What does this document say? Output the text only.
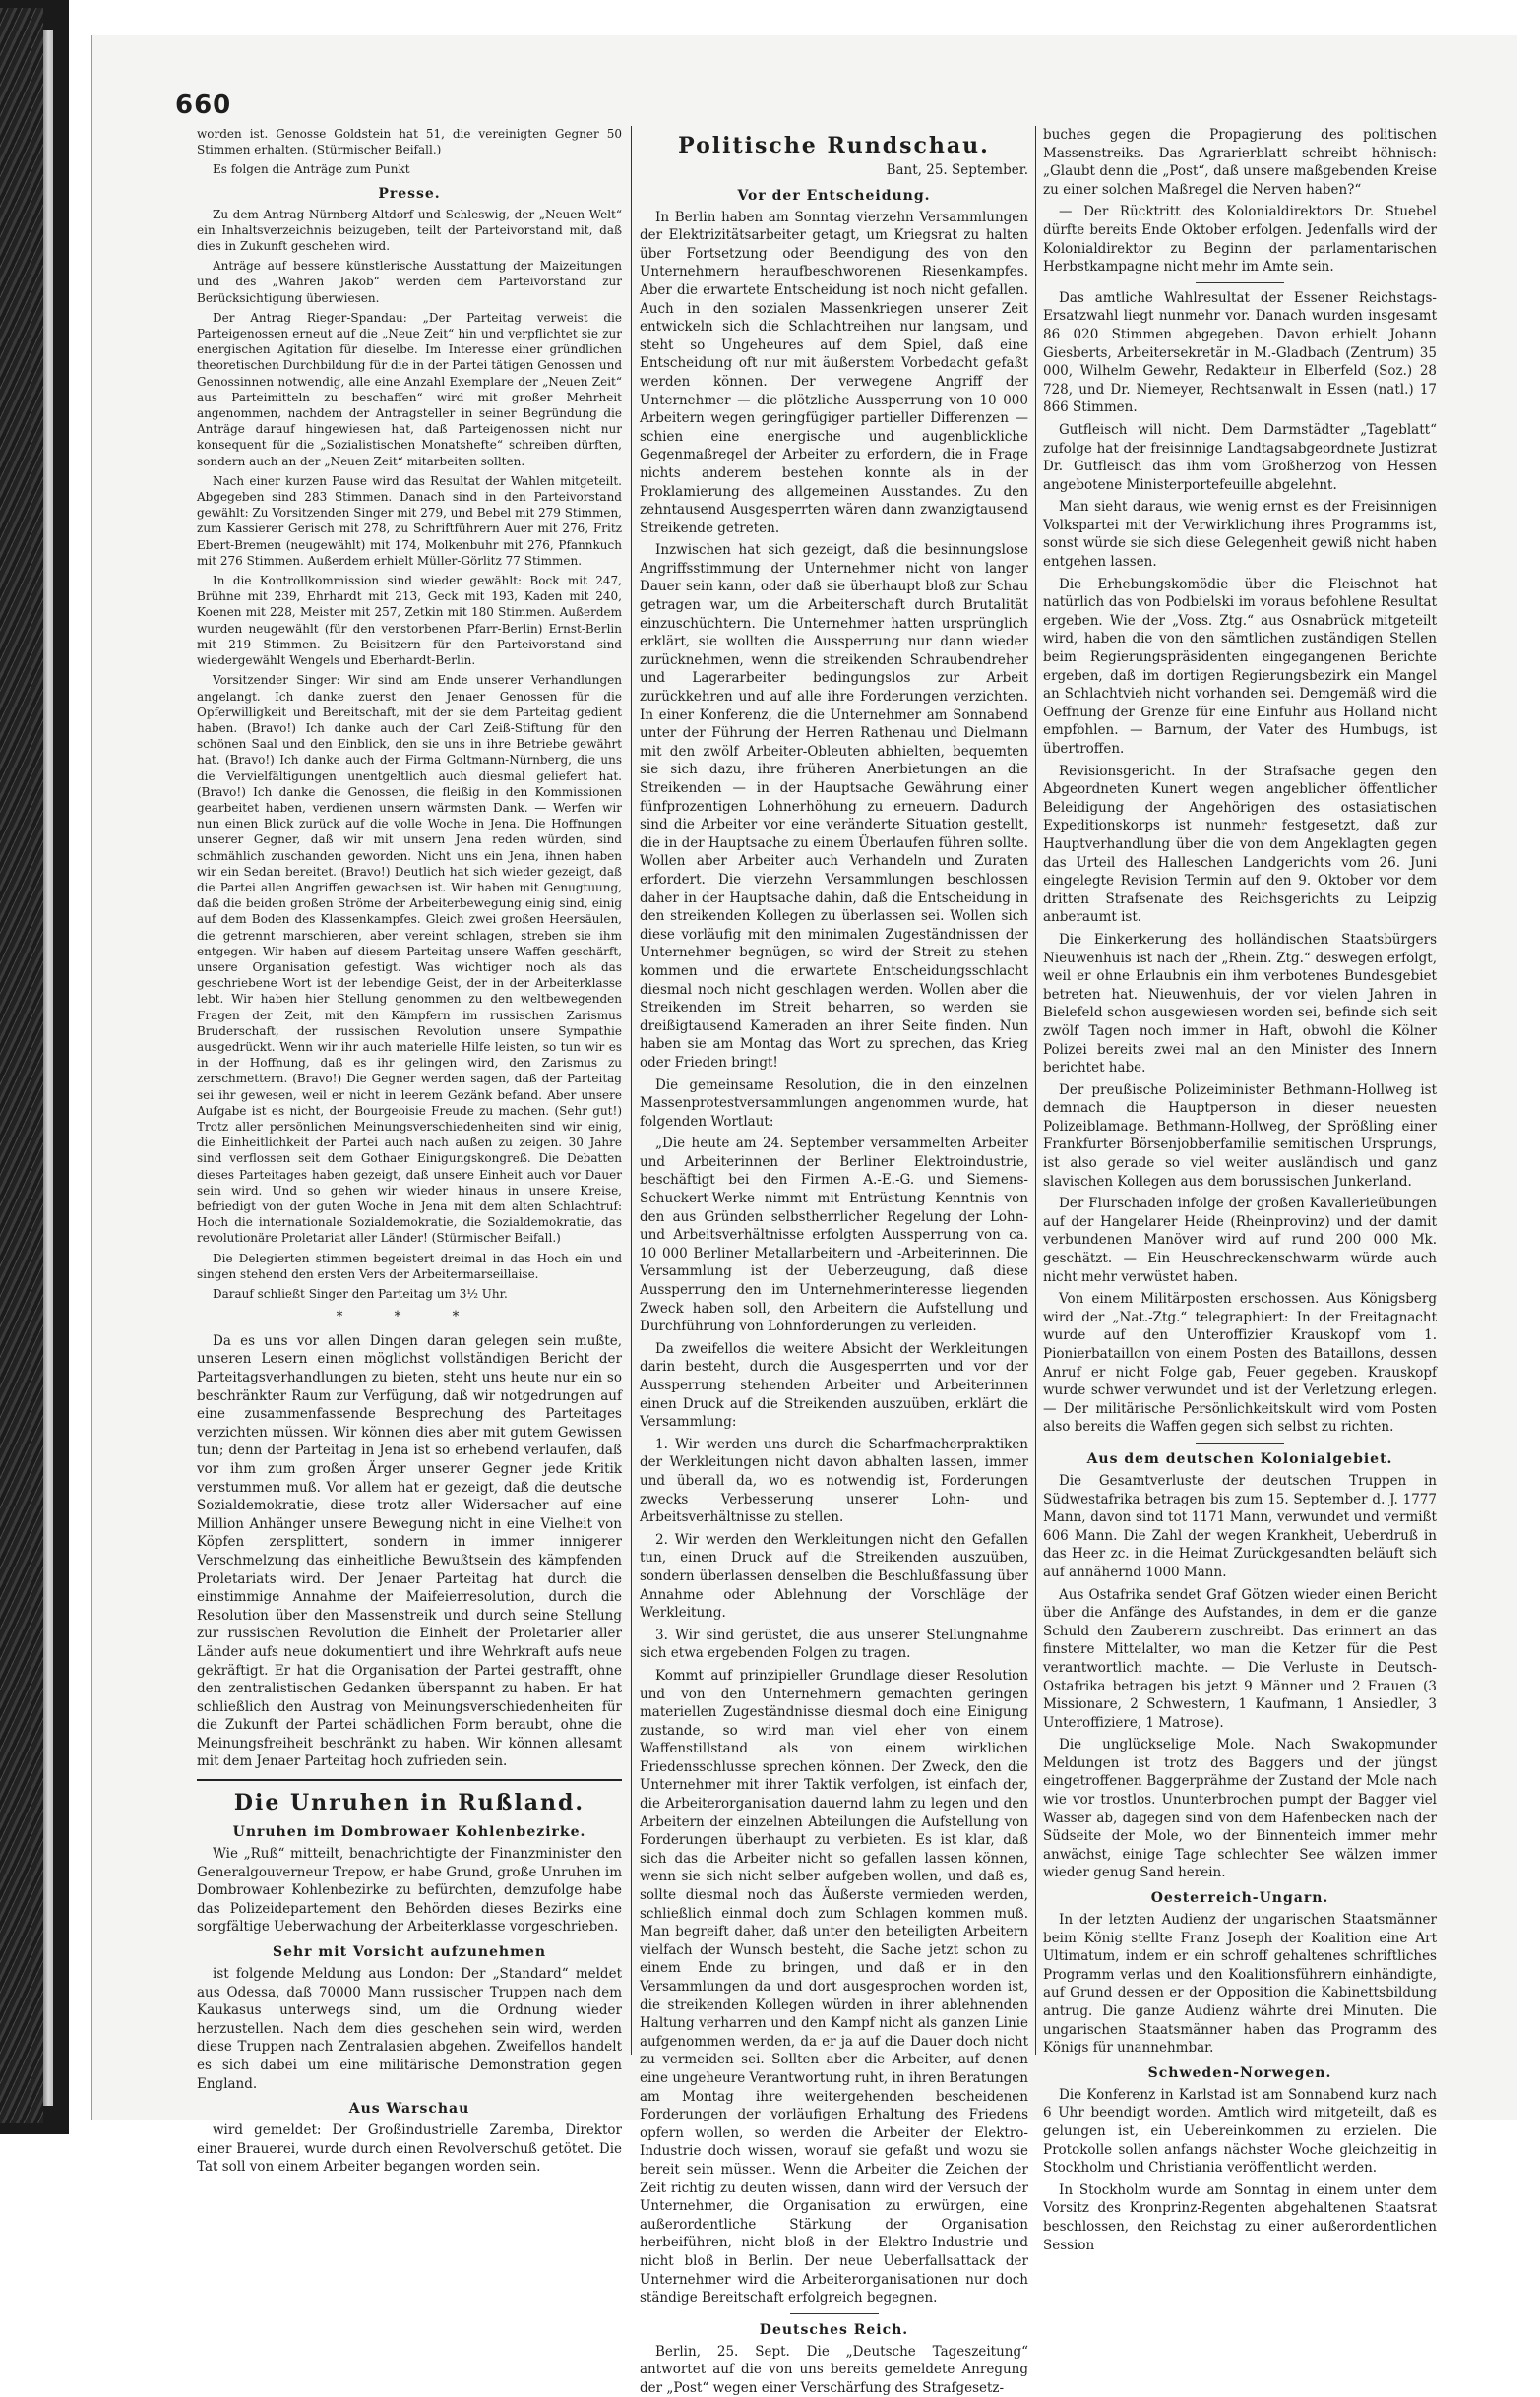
660

worden ist. Genosse Goldstein hat 51, die vereinigten Gegner 50 Stimmen erhalten. (Stürmischer Beifall.)

Es folgen die Anträge zum Punkt

Presse.

Zu dem Antrag Nürnberg-Altdorf und Schleswig, der „Neuen Welt“ ein Inhaltsverzeichnis beizugeben, teilt der Parteivorstand mit, daß dies in Zukunft geschehen wird.

Anträge auf bessere künstlerische Ausstattung der Maizeitungen und des „Wahren Jakob“ werden dem Parteivorstand zur Berücksichtigung überwiesen.

Der Antrag Rieger-Spandau: „Der Parteitag verweist die Parteigenossen erneut auf die „Neue Zeit“ hin und verpflichtet sie zur energischen Agitation für dieselbe. Im Interesse einer gründlichen theoretischen Durchbildung für die in der Partei tätigen Genossen und Genossinnen notwendig, alle eine Anzahl Exemplare der „Neuen Zeit“ aus Parteimitteln zu beschaffen“ wird mit großer Mehrheit angenommen, nachdem der Antragsteller in seiner Begründung die Anträge darauf hingewiesen hat, daß Parteigenossen nicht nur konsequent für die „Sozialistischen Monatshefte“ schreiben dürften, sondern auch an der „Neuen Zeit“ mitarbeiten sollten.

Nach einer kurzen Pause wird das Resultat der Wahlen mitgeteilt. Abgegeben sind 283 Stimmen. Danach sind in den Parteivorstand gewählt: Zu Vorsitzenden Singer mit 279, und Bebel mit 279 Stimmen, zum Kassierer Gerisch mit 278, zu Schriftführern Auer mit 276, Fritz Ebert-Bremen (neugewählt) mit 174, Molkenbuhr mit 276, Pfannkuch mit 276 Stimmen. Außerdem erhielt Müller-Görlitz 77 Stimmen.

In die Kontrollkommission sind wieder gewählt: Bock mit 247, Brühne mit 239, Ehrhardt mit 213, Geck mit 193, Kaden mit 240, Koenen mit 228, Meister mit 257, Zetkin mit 180 Stimmen. Außerdem wurden neugewählt (für den verstorbenen Pfarr-Berlin) Ernst-Berlin mit 219 Stimmen. Zu Beisitzern für den Parteivorstand sind wiedergewählt Wengels und Eberhardt-Berlin.

Vorsitzender Singer: Wir sind am Ende unserer Verhandlungen angelangt. Ich danke zuerst den Jenaer Genossen für die Opferwilligkeit und Bereitschaft, mit der sie dem Parteitag gedient haben. (Bravo!) Ich danke auch der Carl Zeiß-Stiftung für den schönen Saal und den Einblick, den sie uns in ihre Betriebe gewährt hat. (Bravo!) Ich danke auch der Firma Goltmann-Nürnberg, die uns die Vervielfältigungen unentgeltlich auch diesmal geliefert hat. (Bravo!) Ich danke die Genossen, die fleißig in den Kommissionen gearbeitet haben, verdienen unsern wärmsten Dank. — Werfen wir nun einen Blick zurück auf die volle Woche in Jena. Die Hoffnungen unserer Gegner, daß wir mit unsern Jena reden würden, sind schmählich zuschanden geworden. Nicht uns ein Jena, ihnen haben wir ein Sedan bereitet. (Bravo!) Deutlich hat sich wieder gezeigt, daß die Partei allen Angriffen gewachsen ist. Wir haben mit Genugtuung, daß die beiden großen Ströme der Arbeiterbewegung einig sind, einig auf dem Boden des Klassenkampfes. Gleich zwei großen Heersäulen, die getrennt marschieren, aber vereint schlagen, streben sie ihm entgegen. Wir haben auf diesem Parteitag unsere Waffen geschärft, unsere Organisation gefestigt. Was wichtiger noch als das geschriebene Wort ist der lebendige Geist, der in der Arbeiterklasse lebt. Wir haben hier Stellung genommen zu den weltbewegenden Fragen der Zeit, mit den Kämpfern im russischen Zarismus Bruderschaft, der russischen Revolution unsere Sympathie ausgedrückt. Wenn wir ihr auch materielle Hilfe leisten, so tun wir es in der Hoffnung, daß es ihr gelingen wird, den Zarismus zu zerschmettern. (Bravo!) Die Gegner werden sagen, daß der Parteitag sei ihr gewesen, weil er nicht in leerem Gezänk befand. Aber unsere Aufgabe ist es nicht, der Bourgeoisie Freude zu machen. (Sehr gut!) Trotz aller persönlichen Meinungsverschiedenheiten sind wir einig, die Einheitlichkeit der Partei auch nach außen zu zeigen. 30 Jahre sind verflossen seit dem Gothaer Einigungskongreß. Die Debatten dieses Parteitages haben gezeigt, daß unsere Einheit auch vor Dauer sein wird. Und so gehen wir wieder hinaus in unsere Kreise, befriedigt von der guten Woche in Jena mit dem alten Schlachtruf: Hoch die internationale Sozialdemokratie, die Sozialdemokratie, das revolutionäre Proletariat aller Länder! (Stürmischer Beifall.)

Die Delegierten stimmen begeistert dreimal in das Hoch ein und singen stehend den ersten Vers der Arbeitermarseillaise.

Darauf schließt Singer den Parteitag um 3½ Uhr.

* * *

Da es uns vor allen Dingen daran gelegen sein mußte, unseren Lesern einen möglichst vollständigen Bericht der Parteitagsverhandlungen zu bieten, steht uns heute nur ein so beschränkter Raum zur Verfügung, daß wir notgedrungen auf eine zusammenfassende Besprechung des Parteitages verzichten müssen. Wir können dies aber mit gutem Gewissen tun; denn der Parteitag in Jena ist so erhebend verlaufen, daß vor ihm zum großen Ärger unserer Gegner jede Kritik verstummen muß. Vor allem hat er gezeigt, daß die deutsche Sozialdemokratie, diese trotz aller Widersacher auf eine Million Anhänger unsere Bewegung nicht in eine Vielheit von Köpfen zersplittert, sondern in immer innigerer Verschmelzung das einheitliche Bewußtsein des kämpfenden Proletariats wird. Der Jenaer Parteitag hat durch die einstimmige Annahme der Maifeierresolution, durch die Resolution über den Massenstreik und durch seine Stellung zur russischen Revolution die Einheit der Proletarier aller Länder aufs neue dokumentiert und ihre Wehrkraft aufs neue gekräftigt. Er hat die Organisation der Partei gestrafft, ohne den zentralistischen Gedanken überspannt zu haben. Er hat schließlich den Austrag von Meinungsverschiedenheiten für die Zukunft der Partei schädlichen Form beraubt, ohne die Meinungsfreiheit beschränkt zu haben. Wir können allesamt mit dem Jenaer Parteitag hoch zufrieden sein.

Die Unruhen in Rußland.
Unruhen im Dombrowaer Kohlenbezirke.

Wie „Ruß“ mitteilt, benachrichtigte der Finanzminister den Generalgouverneur Trepow, er habe Grund, große Unruhen im Dombrowaer Kohlenbezirke zu befürchten, demzufolge habe das Polizeidepartement den Behörden dieses Bezirks eine sorgfältige Ueberwachung der Arbeiterklasse vorgeschrieben.

Sehr mit Vorsicht aufzunehmen

ist folgende Meldung aus London: Der „Standard“ meldet aus Odessa, daß 70000 Mann russischer Truppen nach dem Kaukasus unterwegs sind, um die Ordnung wieder herzustellen. Nach dem dies geschehen sein wird, werden diese Truppen nach Zentralasien abgehen. Zweifellos handelt es sich dabei um eine militärische Demonstration gegen England.

Aus Warschau

wird gemeldet: Der Großindustrielle Zaremba, Direktor einer Brauerei, wurde durch einen Revolverschuß getötet. Die Tat soll von einem Arbeiter begangen worden sein.

Politische Rundschau.
Bant, 25. September.
Vor der Entscheidung.

In Berlin haben am Sonntag vierzehn Versammlungen der Elektrizitätsarbeiter getagt, um Kriegsrat zu halten über Fortsetzung oder Beendigung des von den Unternehmern heraufbeschworenen Riesenkampfes. Aber die erwartete Entscheidung ist noch nicht gefallen. Auch in den sozialen Massenkriegen unserer Zeit entwickeln sich die Schlachtreihen nur langsam, und steht so Ungeheures auf dem Spiel, daß eine Entscheidung oft nur mit äußerstem Vorbedacht gefaßt werden können. Der verwegene Angriff der Unternehmer — die plötzliche Aussperrung von 10 000 Arbeitern wegen geringfügiger partieller Differenzen — schien eine energische und augenblickliche Gegenmaßregel der Arbeiter zu erfordern, die in Frage nichts anderem bestehen konnte als in der Proklamierung des allgemeinen Ausstandes. Zu den zehntausend Ausgesperrten wären dann zwanzigtausend Streikende getreten.

Inzwischen hat sich gezeigt, daß die besinnungslose Angriffsstimmung der Unternehmer nicht von langer Dauer sein kann, oder daß sie überhaupt bloß zur Schau getragen war, um die Arbeiterschaft durch Brutalität einzuschüchtern. Die Unternehmer hatten ursprünglich erklärt, sie wollten die Aussperrung nur dann wieder zurücknehmen, wenn die streikenden Schraubendreher und Lagerarbeiter bedingungslos zur Arbeit zurückkehren und auf alle ihre Forderungen verzichten. In einer Konferenz, die die Unternehmer am Sonnabend unter der Führung der Herren Rathenau und Dielmann mit den zwölf Arbeiter-Obleuten abhielten, bequemten sie sich dazu, ihre früheren Anerbietungen an die Streikenden — in der Hauptsache Gewährung einer fünfprozentigen Lohnerhöhung zu erneuern. Dadurch sind die Arbeiter vor eine veränderte Situation gestellt, die in der Hauptsache zu einem Überlaufen führen sollte. Wollen aber Arbeiter auch Verhandeln und Zuraten erfordert. Die vierzehn Versammlungen beschlossen daher in der Hauptsache dahin, daß die Entscheidung in den streikenden Kollegen zu überlassen sei. Wollen sich diese vorläufig mit den minimalen Zugeständnissen der Unternehmer begnügen, so wird der Streit zu stehen kommen und die erwartete Entscheidungsschlacht diesmal noch nicht geschlagen werden. Wollen aber die Streikenden im Streit beharren, so werden sie dreißigtausend Kameraden an ihrer Seite finden. Nun haben sie am Montag das Wort zu sprechen, das Krieg oder Frieden bringt!

Die gemeinsame Resolution, die in den einzelnen Massenprotestversammlungen angenommen wurde, hat folgenden Wortlaut:

„Die heute am 24. September versammelten Arbeiter und Arbeiterinnen der Berliner Elektroindustrie, beschäftigt bei den Firmen A.-E.-G. und Siemens-Schuckert-Werke nimmt mit Entrüstung Kenntnis von den aus Gründen selbstherrlicher Regelung der Lohn- und Arbeitsverhältnisse erfolgten Aussperrung von ca. 10 000 Berliner Metallarbeitern und -Arbeiterinnen. Die Versammlung ist der Ueberzeugung, daß diese Aussperrung den im Unternehmerinteresse liegenden Zweck haben soll, den Arbeitern die Aufstellung und Durchführung von Lohnforderungen zu verleiden.

Da zweifellos die weitere Absicht der Werkleitungen darin besteht, durch die Ausgesperrten und vor der Aussperrung stehenden Arbeiter und Arbeiterinnen einen Druck auf die Streikenden auszuüben, erklärt die Versammlung:

1. Wir werden uns durch die Scharfmacherpraktiken der Werkleitungen nicht davon abhalten lassen, immer und überall da, wo es notwendig ist, Forderungen zwecks Verbesserung unserer Lohn- und Arbeitsverhältnisse zu stellen.

2. Wir werden den Werkleitungen nicht den Gefallen tun, einen Druck auf die Streikenden auszuüben, sondern überlassen denselben die Beschlußfassung über Annahme oder Ablehnung der Vorschläge der Werkleitung.

3. Wir sind gerüstet, die aus unserer Stellungnahme sich etwa ergebenden Folgen zu tragen.

Kommt auf prinzipieller Grundlage dieser Resolution und von den Unternehmern gemachten geringen materiellen Zugeständnisse diesmal doch eine Einigung zustande, so wird man viel eher von einem Waffenstillstand als von einem wirklichen Friedensschlusse sprechen können. Der Zweck, den die Unternehmer mit ihrer Taktik verfolgen, ist einfach der, die Arbeiterorganisation dauernd lahm zu legen und den Arbeitern der einzelnen Abteilungen die Aufstellung von Forderungen überhaupt zu verbieten. Es ist klar, daß sich das die Arbeiter nicht so gefallen lassen können, wenn sie sich nicht selber aufgeben wollen, und daß es, sollte diesmal noch das Äußerste vermieden werden, schließlich einmal doch zum Schlagen kommen muß. Man begreift daher, daß unter den beteiligten Arbeitern vielfach der Wunsch besteht, die Sache jetzt schon zu einem Ende zu bringen, und daß er in den Versammlungen da und dort ausgesprochen worden ist, die streikenden Kollegen würden in ihrer ablehnenden Haltung verharren und den Kampf nicht als ganzen Linie aufgenommen werden, da er ja auf die Dauer doch nicht zu vermeiden sei. Sollten aber die Arbeiter, auf denen eine ungeheure Verantwortung ruht, in ihren Beratungen am Montag ihre weitergehenden bescheidenen Forderungen der vorläufigen Erhaltung des Friedens opfern wollen, so werden die Arbeiter der Elektro-Industrie doch wissen, worauf sie gefaßt und wozu sie bereit sein müssen. Wenn die Arbeiter die Zeichen der Zeit richtig zu deuten wissen, dann wird der Versuch der Unternehmer, die Organisation zu erwürgen, eine außerordentliche Stärkung der Organisation herbeiführen, nicht bloß in der Elektro-Industrie und nicht bloß in Berlin. Der neue Ueberfallsattack der Unternehmer wird die Arbeiterorganisationen nur doch ständige Bereitschaft erfolgreich begegnen.

Deutsches Reich.

Berlin, 25. Sept. Die „Deutsche Tageszeitung“ antwortet auf die von uns bereits gemeldete Anregung der „Post“ wegen einer Verschärfung des Strafgesetz-

buches gegen die Propagierung des politischen Massenstreiks. Das Agrarierblatt schreibt höhnisch: „Glaubt denn die „Post“, daß unsere maßgebenden Kreise zu einer solchen Maßregel die Nerven haben?“

— Der Rücktritt des Kolonialdirektors Dr. Stuebel dürfte bereits Ende Oktober erfolgen. Jedenfalls wird der Kolonialdirektor zu Beginn der parlamentarischen Herbstkampagne nicht mehr im Amte sein.

Das amtliche Wahlresultat der Essener Reichstags-Ersatzwahl liegt nunmehr vor. Danach wurden insgesamt 86 020 Stimmen abgegeben. Davon erhielt Johann Giesberts, Arbeitersekretär in M.-Gladbach (Zentrum) 35 000, Wilhelm Gewehr, Redakteur in Elberfeld (Soz.) 28 728, und Dr. Niemeyer, Rechtsanwalt in Essen (natl.) 17 866 Stimmen.

Gutfleisch will nicht. Dem Darmstädter „Tageblatt“ zufolge hat der freisinnige Landtagsabgeordnete Justizrat Dr. Gutfleisch das ihm vom Großherzog von Hessen angebotene Ministerportefeuille abgelehnt.

Man sieht daraus, wie wenig ernst es der Freisinnigen Volkspartei mit der Verwirklichung ihres Programms ist, sonst würde sie sich diese Gelegenheit gewiß nicht haben entgehen lassen.

Die Erhebungskomödie über die Fleischnot hat natürlich das von Podbielski im voraus befohlene Resultat ergeben. Wie der „Voss. Ztg.“ aus Osnabrück mitgeteilt wird, haben die von den sämtlichen zuständigen Stellen beim Regierungspräsidenten eingegangenen Berichte ergeben, daß im dortigen Regierungsbezirk ein Mangel an Schlachtvieh nicht vorhanden sei. Demgemäß wird die Oeffnung der Grenze für eine Einfuhr aus Holland nicht empfohlen. — Barnum, der Vater des Humbugs, ist übertroffen.

Revisionsgericht. In der Strafsache gegen den Abgeordneten Kunert wegen angeblicher öffentlicher Beleidigung der Angehörigen des ostasiatischen Expeditionskorps ist nunmehr festgesetzt, daß zur Hauptverhandlung über die von dem Angeklagten gegen das Urteil des Halleschen Landgerichts vom 26. Juni eingelegte Revision Termin auf den 9. Oktober vor dem dritten Strafsenate des Reichsgerichts zu Leipzig anberaumt ist.

Die Einkerkerung des holländischen Staatsbürgers Nieuwenhuis ist nach der „Rhein. Ztg.“ deswegen erfolgt, weil er ohne Erlaubnis ein ihm verbotenes Bundesgebiet betreten hat. Nieuwenhuis, der vor vielen Jahren in Bielefeld schon ausgewiesen worden sei, befinde sich seit zwölf Tagen noch immer in Haft, obwohl die Kölner Polizei bereits zwei mal an den Minister des Innern berichtet habe.

Der preußische Polizeiminister Bethmann-Hollweg ist demnach die Hauptperson in dieser neuesten Polizeiblamage. Bethmann-Hollweg, der Sprößling einer Frankfurter Börsenjobberfamilie semitischen Ursprungs, ist also gerade so viel weiter ausländisch und ganz slavischen Kollegen aus dem borussischen Junkerland.

Der Flurschaden infolge der großen Kavallerieübungen auf der Hangelarer Heide (Rheinprovinz) und der damit verbundenen Manöver wird auf rund 200 000 Mk. geschätzt. — Ein Heuschreckenschwarm würde auch nicht mehr verwüstet haben.

Von einem Militärposten erschossen. Aus Königsberg wird der „Nat.-Ztg.“ telegraphiert: In der Freitagnacht wurde auf den Unteroffizier Krauskopf vom 1. Pionierbataillon von einem Posten des Bataillons, dessen Anruf er nicht Folge gab, Feuer gegeben. Krauskopf wurde schwer verwundet und ist der Verletzung erlegen. — Der militärische Persönlichkeitskult wird vom Posten also bereits die Waffen gegen sich selbst zu richten.

Aus dem deutschen Kolonialgebiet.

Die Gesamtverluste der deutschen Truppen in Südwestafrika betragen bis zum 15. September d. J. 1777 Mann, davon sind tot 1171 Mann, verwundet und vermißt 606 Mann. Die Zahl der wegen Krankheit, Ueberdruß in das Heer zc. in die Heimat Zurückgesandten beläuft sich auf annähernd 1000 Mann.

Aus Ostafrika sendet Graf Götzen wieder einen Bericht über die Anfänge des Aufstandes, in dem er die ganze Schuld den Zauberern zuschreibt. Das erinnert an das finstere Mittelalter, wo man die Ketzer für die Pest verantwortlich machte. — Die Verluste in Deutsch-Ostafrika betragen bis jetzt 9 Männer und 2 Frauen (3 Missionare, 2 Schwestern, 1 Kaufmann, 1 Ansiedler, 3 Unteroffiziere, 1 Matrose).

Die unglückselige Mole. Nach Swakopmunder Meldungen ist trotz des Baggers und der jüngst eingetroffenen Baggerprähme der Zustand der Mole nach wie vor trostlos. Ununterbrochen pumpt der Bagger viel Wasser ab, dagegen sind von dem Hafenbecken nach der Südseite der Mole, wo der Binnenteich immer mehr anwächst, einige Tage schlechter See wälzen immer wieder genug Sand herein.

Oesterreich-Ungarn.

In der letzten Audienz der ungarischen Staatsmänner beim König stellte Franz Joseph der Koalition eine Art Ultimatum, indem er ein schroff gehaltenes schriftliches Programm verlas und den Koalitionsführern einhändigte, auf Grund dessen er der Opposition die Kabinettsbildung antrug. Die ganze Audienz währte drei Minuten. Die ungarischen Staatsmänner haben das Programm des Königs für unannehmbar.

Schweden-Norwegen.

Die Konferenz in Karlstad ist am Sonnabend kurz nach 6 Uhr beendigt worden. Amtlich wird mitgeteilt, daß es gelungen ist, ein Uebereinkommen zu erzielen. Die Protokolle sollen anfangs nächster Woche gleichzeitig in Stockholm und Christiania veröffentlicht werden.

In Stockholm wurde am Sonntag in einem unter dem Vorsitz des Kronprinz-Regenten abgehaltenen Staatsrat beschlossen, den Reichstag zu einer außerordentlichen Session
